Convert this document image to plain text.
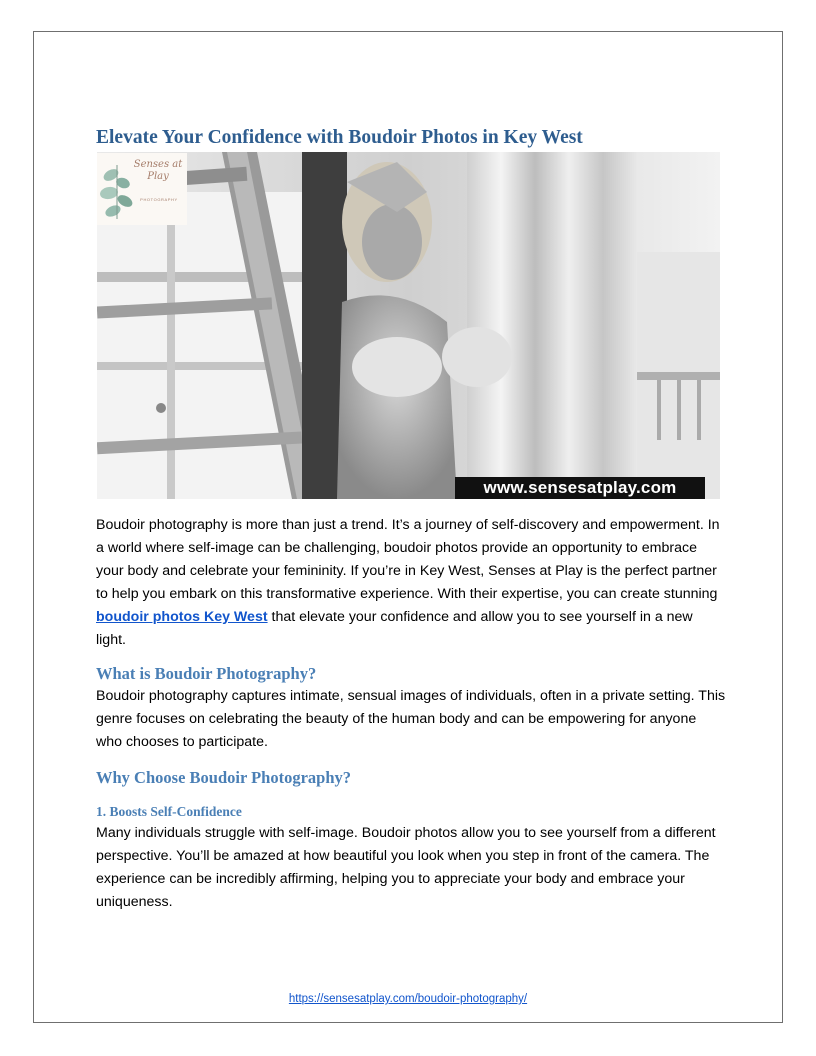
Elevate Your Confidence with Boudoir Photos in Key West
Senses at Play
PHOTOGRAPHY
www.sensesatplay.com

Boudoir photography is more than just a trend. It’s a journey of self-discovery and empowerment. In a world where self-image can be challenging, boudoir photos provide an opportunity to embrace your body and celebrate your femininity. If you’re in Key West, Senses at Play is the perfect partner to help you embark on this transformative experience. With their expertise, you can create stunning boudoir photos Key West that elevate your confidence and allow you to see yourself in a new light.

What is Boudoir Photography?

Boudoir photography captures intimate, sensual images of individuals, often in a private setting. This genre focuses on celebrating the beauty of the human body and can be empowering for anyone who chooses to participate.

Why Choose Boudoir Photography?
1. Boosts Self-Confidence

Many individuals struggle with self-image. Boudoir photos allow you to see yourself from a different perspective. You’ll be amazed at how beautiful you look when you step in front of the camera. The experience can be incredibly affirming, helping you to appreciate your body and embrace your uniqueness.

https://sensesatplay.com/boudoir-photography/
